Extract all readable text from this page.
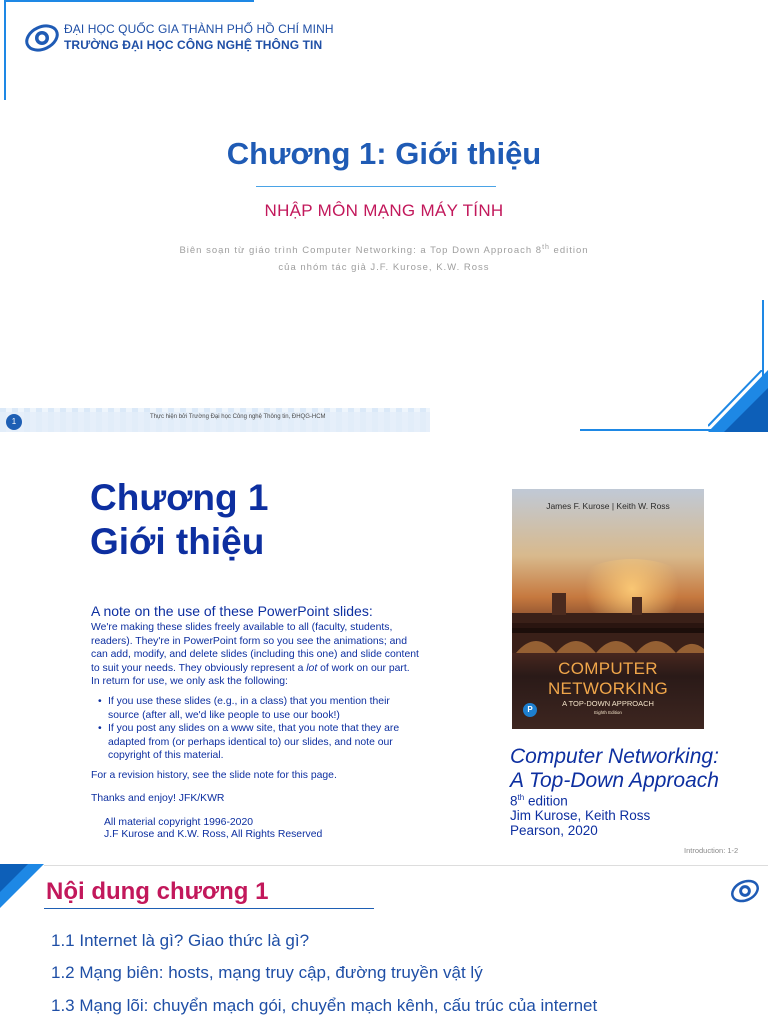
ĐẠI HỌC QUỐC GIA THÀNH PHỐ HỒ CHÍ MINH
TRƯỜNG ĐẠI HỌC CÔNG NGHỆ THÔNG TIN
Chương 1: Giới thiệu
NHẬP MÔN MẠNG MÁY TÍNH
Biên soạn từ giáo trình Computer Networking: a Top Down Approach 8th edition
của nhóm tác giả J.F. Kurose, K.W. Ross
1	Thực hiện bởi Trường Đại học Công nghệ Thông tin, ĐHQG-HCM
Chương 1
Giới thiệu
A note on the use of these PowerPoint slides:
We're making these slides freely available to all (faculty, students, readers). They're in PowerPoint form so you see the animations; and can add, modify, and delete slides (including this one) and slide content to suit your needs. They obviously represent a lot of work on our part. In return for use, we only ask the following:
• If you use these slides (e.g., in a class) that you mention their source (after all, we'd like people to use our book!)
• If you post any slides on a www site, that you note that they are adapted from (or perhaps identical to) our slides, and note our copyright of this material.
For a revision history, see the slide note for this page.
Thanks and enjoy! JFK/KWR
All material copyright 1996-2020
J.F Kurose and K.W. Ross, All Rights Reserved
James F. Kurose | Keith W. Ross
COMPUTER
NETWORKING
A TOP-DOWN APPROACH
Eighth Edition
P
Computer Networking:
A Top-Down Approach
8th edition
Jim Kurose, Keith Ross
Pearson, 2020
Introduction: 1-2
Nội dung chương 1
1.1 Internet là gì? Giao thức là gì?
1.2 Mạng biên: hosts, mạng truy cập, đường truyền vật lý
1.3 Mạng lõi: chuyển mạch gói, chuyển mạch kênh, cấu trúc của internet
